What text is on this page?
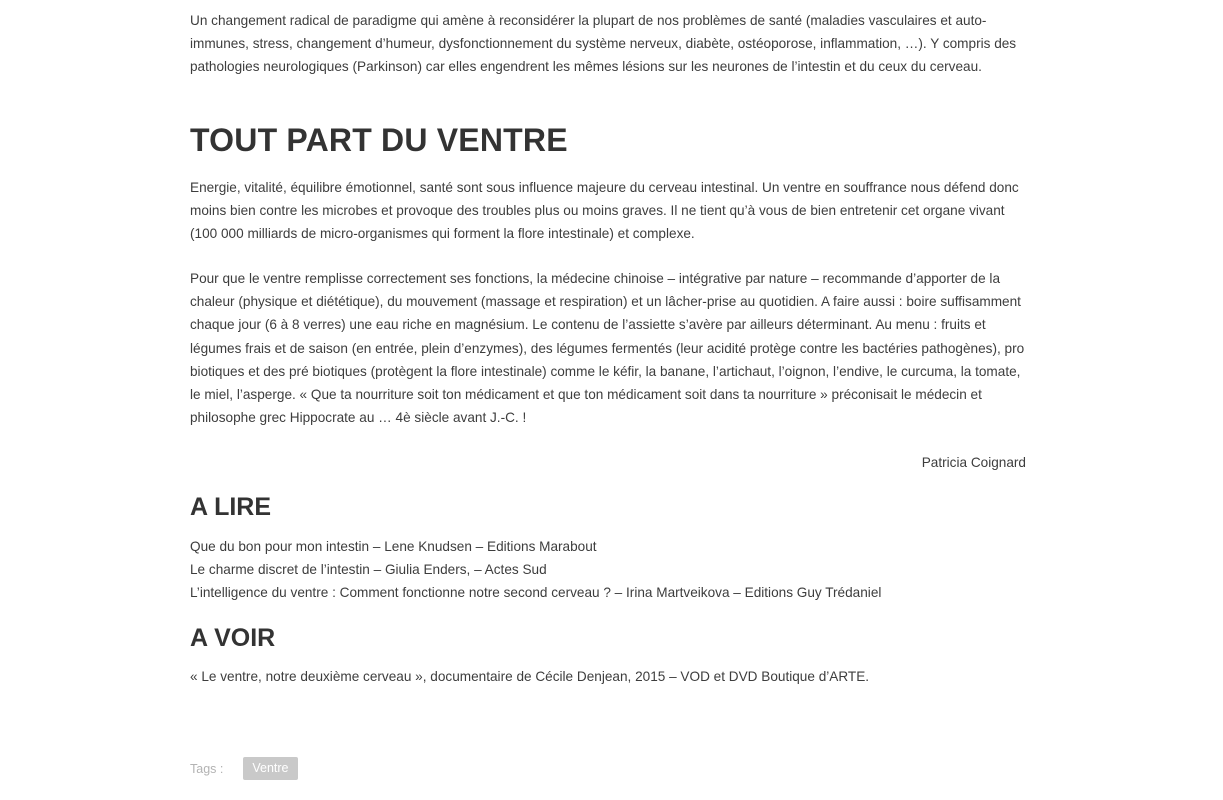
Un changement radical de paradigme qui amène à reconsidérer la plupart de nos problèmes de santé (maladies vasculaires et auto-immunes, stress, changement d’humeur, dysfonctionnement du système nerveux, diabète, ostéoporose, inflammation, …). Y compris des pathologies neurologiques (Parkinson) car elles engendrent les mêmes lésions sur les neurones de l’intestin et du ceux du cerveau.

TOUT PART DU VENTRE

Energie, vitalité, équilibre émotionnel, santé sont sous influence majeure du cerveau intestinal. Un ventre en souffrance nous défend donc moins bien contre les microbes et provoque des troubles plus ou moins graves. Il ne tient qu’à vous de bien entretenir cet organe vivant (100 000 milliards de micro-organismes qui forment la flore intestinale) et complexe.

Pour que le ventre remplisse correctement ses fonctions, la médecine chinoise – intégrative par nature – recommande d’apporter de la chaleur (physique et diététique), du mouvement (massage et respiration) et un lâcher-prise au quotidien. A faire aussi : boire suffisamment chaque jour (6 à 8 verres) une eau riche en magnésium. Le contenu de l’assiette s’avère par ailleurs déterminant. Au menu : fruits et légumes frais et de saison (en entrée, plein d’enzymes), des légumes fermentés (leur acidité protège contre les bactéries pathogènes), pro biotiques et des pré biotiques (protègent la flore intestinale) comme le kéfir, la banane, l’artichaut, l’oignon, l’endive, le curcuma, la tomate, le miel, l’asperge. « Que ta nourriture soit ton médicament et que ton médicament soit dans ta nourriture » préconisait le médecin et philosophe grec Hippocrate au … 4è siècle avant J.-C. !

Patricia Coignard
A LIRE
Que du bon pour mon intestin – Lene Knudsen – Editions Marabout
Le charme discret de l’intestin – Giulia Enders, – Actes Sud
L’intelligence du ventre : Comment fonctionne notre second cerveau ? – Irina Martveikova – Editions Guy Trédaniel
A VOIR
« Le ventre, notre deuxième cerveau », documentaire de Cécile Denjean, 2015 – VOD et DVD Boutique d’ARTE.
Tags :	Ventre
